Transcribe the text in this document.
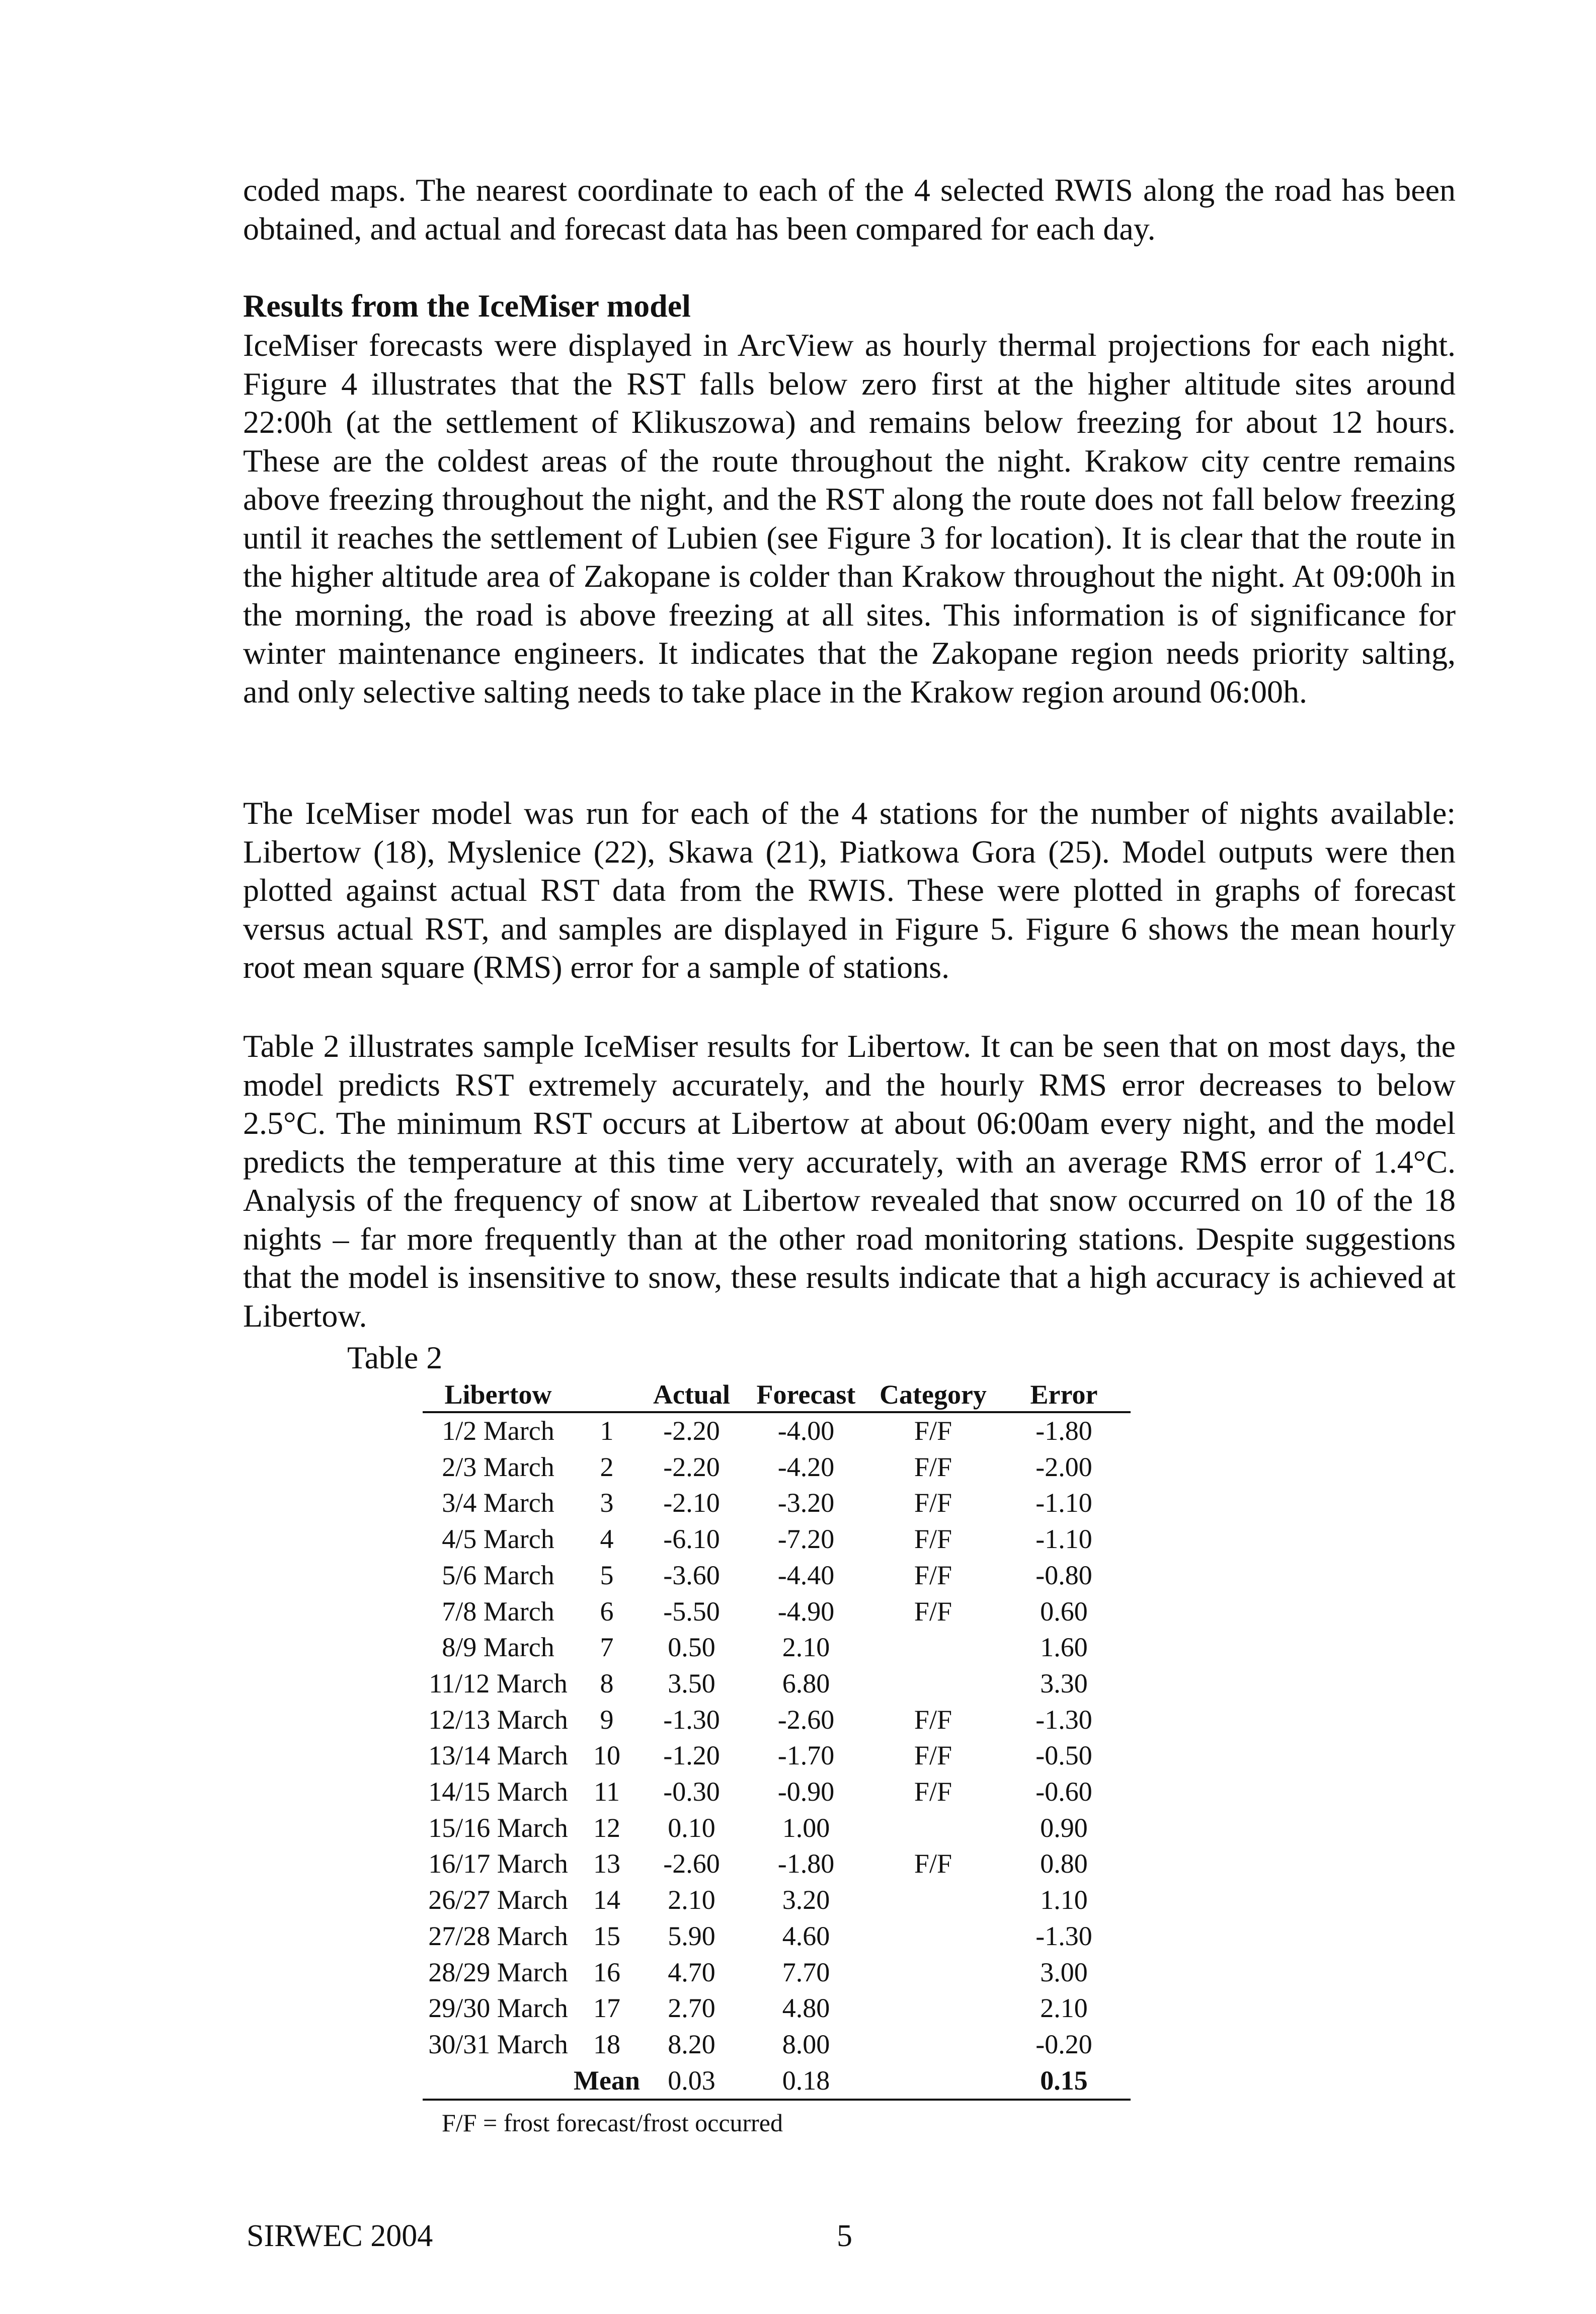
coded maps. The nearest coordinate to each of the 4 selected RWIS along the road has been obtained, and actual and forecast data has been compared for each day.

Results from the IceMiser model

IceMiser forecasts were displayed in ArcView as hourly thermal projections for each night. Figure 4 illustrates that the RST falls below zero first at the higher altitude sites around 22:00h (at the settlement of Klikuszowa) and remains below freezing for about 12 hours. These are the coldest areas of the route throughout the night. Krakow city centre remains above freezing throughout the night, and the RST along the route does not fall below freezing until it reaches the settlement of Lubien (see Figure 3 for location). It is clear that the route in the higher altitude area of Zakopane is colder than Krakow throughout the night. At 09:00h in the morning, the road is above freezing at all sites. This information is of significance for winter maintenance engineers. It indicates that the Zakopane region needs priority salting, and only selective salting needs to take place in the Krakow region around 06:00h.

The IceMiser model was run for each of the 4 stations for the number of nights available: Libertow (18), Myslenice (22), Skawa (21), Piatkowa Gora (25). Model outputs were then plotted against actual RST data from the RWIS. These were plotted in graphs of forecast versus actual RST, and samples are displayed in Figure 5. Figure 6 shows the mean hourly root mean square (RMS) error for a sample of stations.

Table 2 illustrates sample IceMiser results for Libertow. It can be seen that on most days, the model predicts RST extremely accurately, and the hourly RMS error decreases to below 2.5°C. The minimum RST occurs at Libertow at about 06:00am every night, and the model predicts the temperature at this time very accurately, with an average RMS error of 1.4°C. Analysis of the frequency of snow at Libertow revealed that snow occurred on 10 of the 18 nights – far more frequently than at the other road monitoring stations. Despite suggestions that the model is insensitive to snow, these results indicate that a high accuracy is achieved at Libertow.

Table 2
Libertow		Actual	Forecast	Category	Error
1/2 March	1	-2.20	-4.00	F/F	-1.80
2/3 March	2	-2.20	-4.20	F/F	-2.00
3/4 March	3	-2.10	-3.20	F/F	-1.10
4/5 March	4	-6.10	-7.20	F/F	-1.10
5/6 March	5	-3.60	-4.40	F/F	-0.80
7/8 March	6	-5.50	-4.90	F/F	0.60
8/9 March	7	0.50	2.10		1.60
11/12 March	8	3.50	6.80		3.30
12/13 March	9	-1.30	-2.60	F/F	-1.30
13/14 March	10	-1.20	-1.70	F/F	-0.50
14/15 March	11	-0.30	-0.90	F/F	-0.60
15/16 March	12	0.10	1.00		0.90
16/17 March	13	-2.60	-1.80	F/F	0.80
26/27 March	14	2.10	3.20		1.10
27/28 March	15	5.90	4.60		-1.30
28/29 March	16	4.70	7.70		3.00
29/30 March	17	2.70	4.80		2.10
30/31 March	18	8.20	8.00		-0.20
	Mean	0.03	0.18		0.15
F/F = frost forecast/frost occurred
SIRWEC 2004	5
